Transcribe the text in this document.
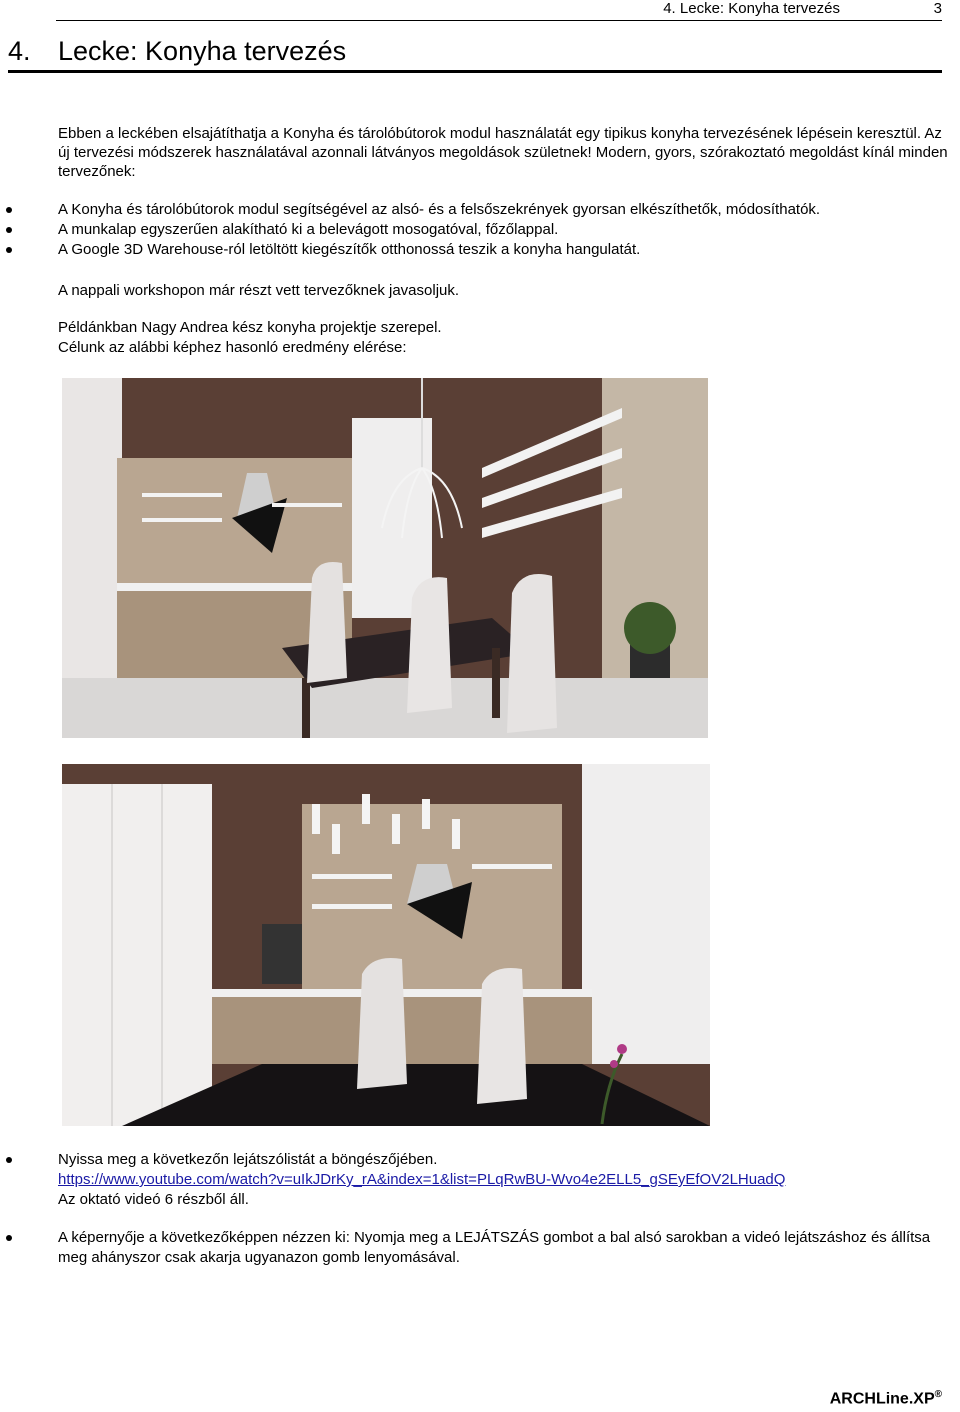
4. Lecke: Konyha tervezés	3
4. Lecke: Konyha tervezés

Ebben a leckében elsajátíthatja a Konyha és tárolóbútorok modul használatát egy tipikus konyha tervezésének lépésein keresztül. Az új tervezési módszerek használatával azonnali látványos megoldások születnek! Modern, gyors, szórakoztató megoldást kínál minden tervezőnek:

A Konyha és tárolóbútorok modul segítségével az alsó- és a felsőszekrények gyorsan elkészíthetők, módosíthatók.
A munkalap egyszerűen alakítható ki a belevágott mosogatóval, főzőlappal.
A Google 3D Warehouse-ról letöltött kiegészítők otthonossá teszik a konyha hangulatát.

A nappali workshopon már részt vett tervezőknek javasoljuk.

Példánkban Nagy Andrea kész konyha projektje szerepel.

Célunk az alábbi képhez hasonló eredmény elérése:

Nyissa meg a következőn lejátszólistát a böngészőjében.
https://www.youtube.com/watch?v=uIkJDrKy_rA&index=1&list=PLqRwBU-Wvo4e2ELL5_gSEyEfOV2LHuadQ
Az oktató videó 6 részből áll.
A képernyője a következőképpen nézzen ki: Nyomja meg a LEJÁTSZÁS gombot a bal alsó sarokban a videó lejátszáshoz és állítsa meg ahányszor csak akarja ugyanazon gomb lenyomásával.
ARCHLine.XP®
